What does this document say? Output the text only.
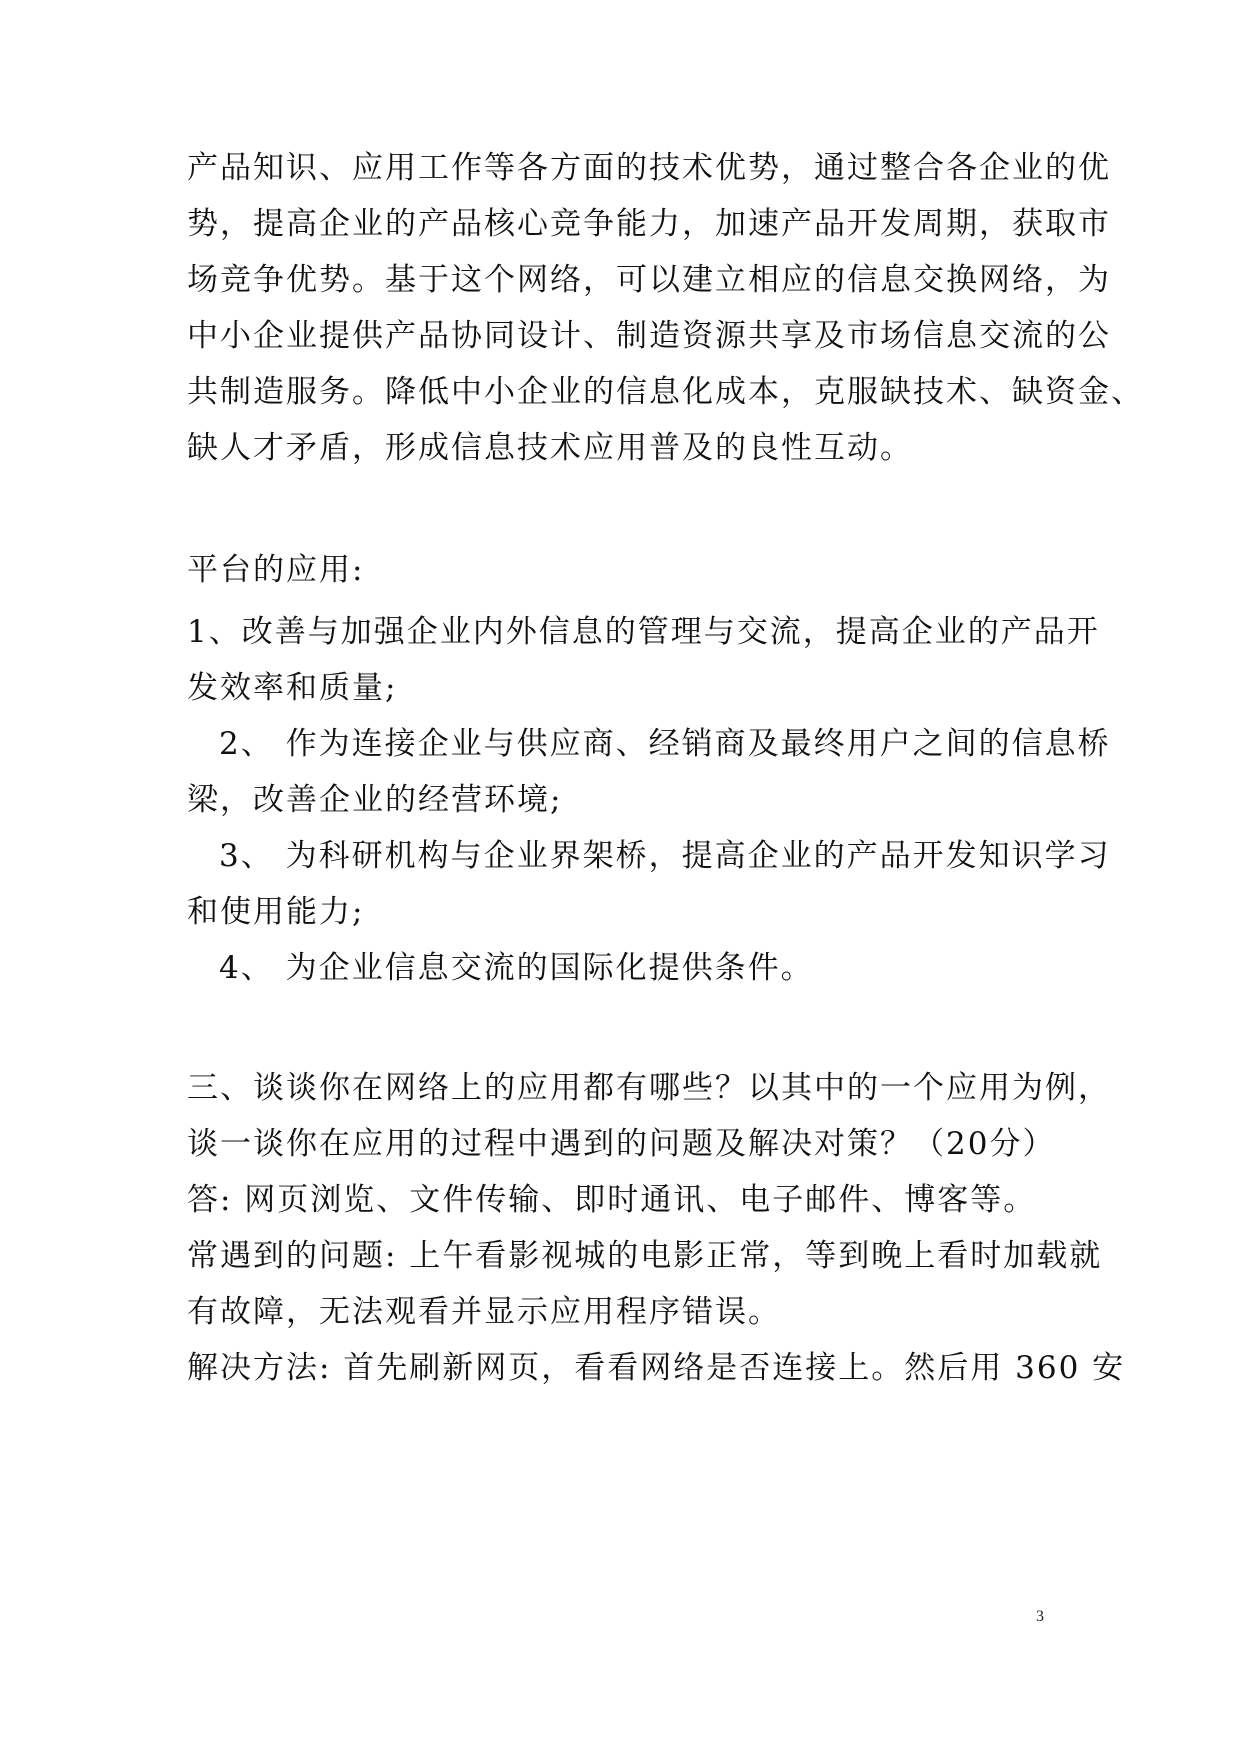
产品知识、应用工作等各方面的技术优势，通过整合各企业的优
势，提高企业的产品核心竞争能力，加速产品开发周期，获取市
场竞争优势。基于这个网络，可以建立相应的信息交换网络，为
中小企业提供产品协同设计、制造资源共享及市场信息交流的公
共制造服务。降低中小企业的信息化成本，克服缺技术、缺资金、
缺人才矛盾，形成信息技术应用普及的良性互动。
平台的应用:
1、改善与加强企业内外信息的管理与交流，提高企业的产品开
发效率和质量;
2、 作为连接企业与供应商、经销商及最终用户之间的信息桥
梁，改善企业的经营环境;
3、 为科研机构与企业界架桥，提高企业的产品开发知识学习
和使用能力;
4、 为企业信息交流的国际化提供条件。
三、谈谈你在网络上的应用都有哪些？以其中的一个应用为例，
谈一谈你在应用的过程中遇到的问题及解决对策？（20分）
答: 网页浏览、文件传输、即时通讯、电子邮件、博客等。
常遇到的问题: 上午看影视城的电影正常，等到晚上看时加载就
有故障，无法观看并显示应用程序错误。
解决方法: 首先刷新网页，看看网络是否连接上。然后用 360 安
3
